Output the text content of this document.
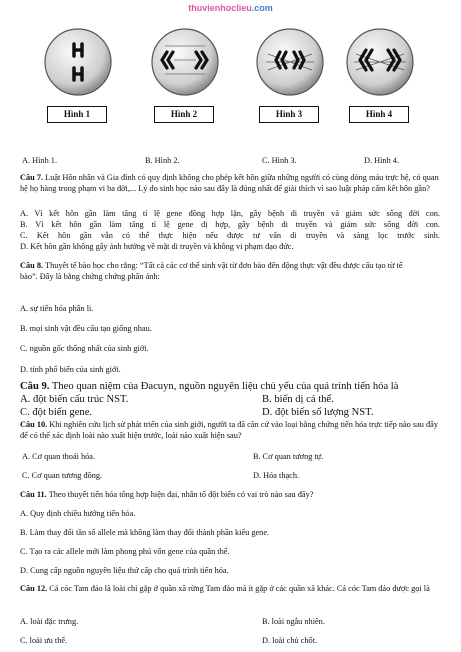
thuvienhoclieu.com
Hình 1	Hình 2	Hình 3	Hình 4
A. Hình 1.	B. Hình 2.	C. Hình 3.	D. Hình 4.
Câu 7. Luật Hôn nhân và Gia đình có quy định không cho phép kết hôn giữa những người có cùng dòng máu trực hệ, có quan hệ họ hàng trong phạm vi ba đời,... Lý do sinh học nào sau đây là đúng nhất để giải thích vì sao luật pháp cấm kết hôn gần?
A. Vì kết hôn gần làm tăng tỉ lệ gene đồng hợp lặn, gây bệnh di truyền và giảm sức sống đời con.
B. Vì kết hôn gần làm tăng tỉ lệ gene dị hợp, gây bệnh di truyền và giảm sức sống đời con.
C. Kết hôn gần vẫn có thể thực hiện nếu được tư vấn di truyền và sàng lọc trước sinh.
D. Kết hôn gần không gây ảnh hưởng về mặt di truyền và không vi phạm đạo đức.
Câu 8. Thuyết tế bào học cho rằng: “Tất cả các cơ thể sinh vật từ đơn bào đến động thực vật đều được cấu tạo từ tế bào”. Đây là bằng chứng chứng phân ảnh:
A. sự tiến hóa phân li.
B. mọi sinh vật đều cấu tạo giống nhau.
C. nguồn gốc thống nhất của sinh giới.
D. tính phổ biến của sinh giới.
Câu 9. Theo quan niệm của Đacuyn, nguồn nguyên liệu chủ yếu của quá trình tiến hóa là
A. đột biến cấu trúc NST.	B. biến dị cá thể.
C. đột biến gene.	D. đột biến số lượng NST.
Câu 10. Khi nghiên cứu lịch sử phát triển của sinh giới, người ta đã căn cứ vào loại bằng chứng tiến hóa trực tiếp nào sau đây để có thể xác định loài nào xuất hiện trước, loài nào xuất hiện sau?
A. Cơ quan thoái hóa.	B. Cơ quan tương tự.
C. Cơ quan tương đồng.	D. Hóa thạch.
Câu 11. Theo thuyết tiến hóa tổng hợp hiện đại, nhân tố đột biến có vai trò nào sau đây?
A. Quy định chiều hướng tiến hóa.
B. Làm thay đổi tần số allele mà không làm thay đổi thành phần kiểu gene.
C. Tạo ra các allele mới làm phong phú vốn gene của quần thể.
D. Cung cấp nguồn nguyên liệu thứ cấp cho quá trình tiến hóa.
Câu 12. Cá cóc Tam đảo là loài chỉ gặp ở quần xã rừng Tam đảo mà ít gặp ở các quần xã khác. Cá cóc Tam đảo được gọi là
A. loài đặc trưng.	B. loài ngẫu nhiên.
C. loài ưu thế.	D. loài chủ chốt.
